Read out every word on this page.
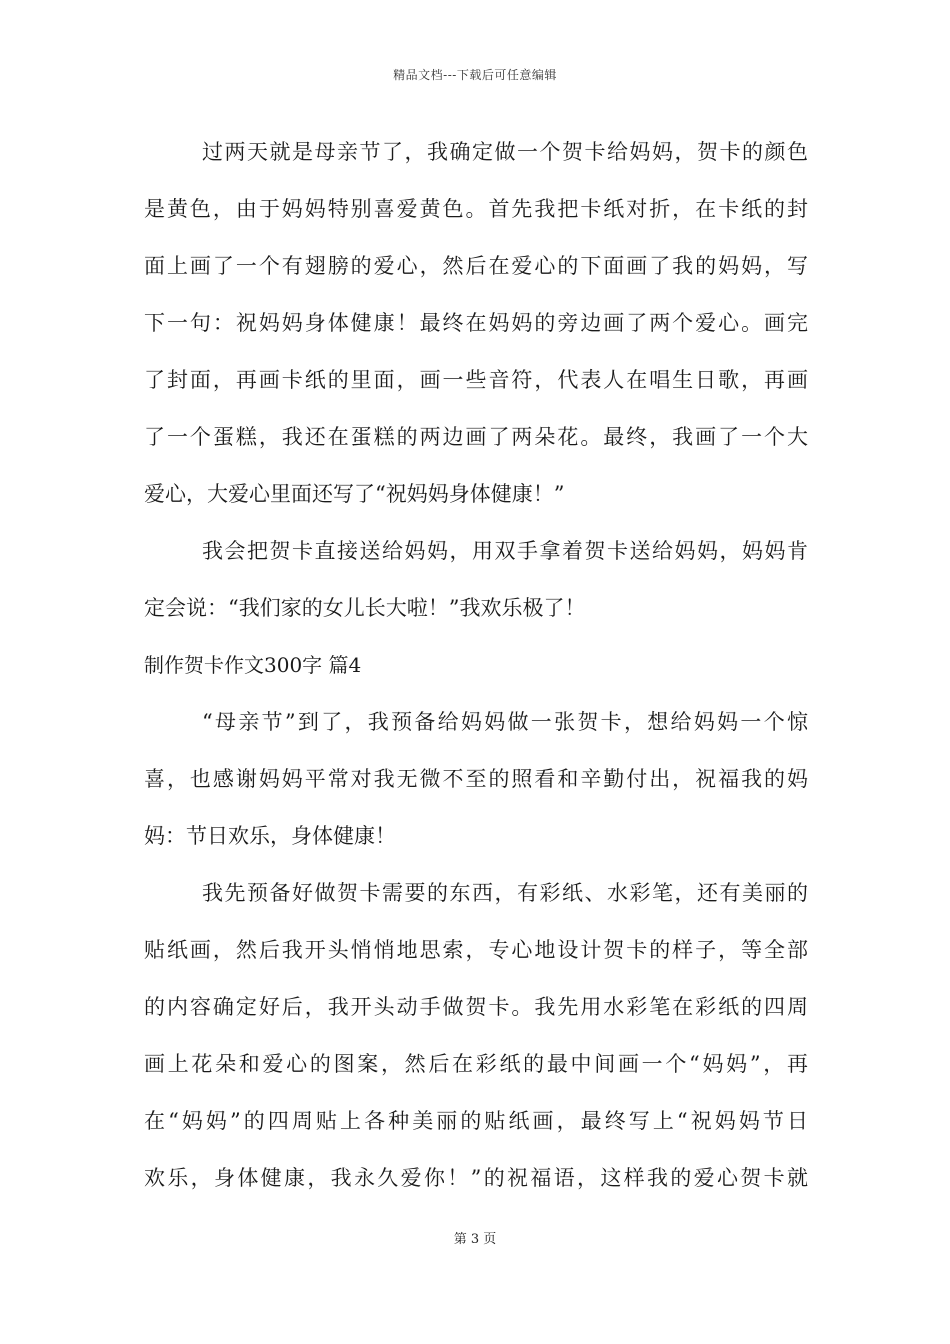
精品文档---下载后可任意编辑
过两天就是母亲节了，我确定做一个贺卡给妈妈，贺卡的颜色
是黄色，由于妈妈特别喜爱黄色。首先我把卡纸对折，在卡纸的封
面上画了一个有翅膀的爱心，然后在爱心的下面画了我的妈妈，写
下一句：祝妈妈身体健康！最终在妈妈的旁边画了两个爱心。画完
了封面，再画卡纸的里面，画一些音符，代表人在唱生日歌，再画
了一个蛋糕，我还在蛋糕的两边画了两朵花。最终，我画了一个大
爱心，大爱心里面还写了“祝妈妈身体健康！”
我会把贺卡直接送给妈妈，用双手拿着贺卡送给妈妈，妈妈肯
定会说：“我们家的女儿长大啦！”我欢乐极了！
制作贺卡作文300字 篇4
“母亲节”到了，我预备给妈妈做一张贺卡，想给妈妈一个惊
喜，也感谢妈妈平常对我无微不至的照看和辛勤付出，祝福我的妈
妈：节日欢乐，身体健康！
我先预备好做贺卡需要的东西，有彩纸、水彩笔，还有美丽的
贴纸画，然后我开头悄悄地思索，专心地设计贺卡的样子，等全部
的内容确定好后，我开头动手做贺卡。我先用水彩笔在彩纸的四周
画上花朵和爱心的图案，然后在彩纸的最中间画一个“妈妈”，再
在“妈妈”的四周贴上各种美丽的贴纸画，最终写上“祝妈妈节日
欢乐，身体健康，我永久爱你！”的祝福语，这样我的爱心贺卡就
第 3 页
